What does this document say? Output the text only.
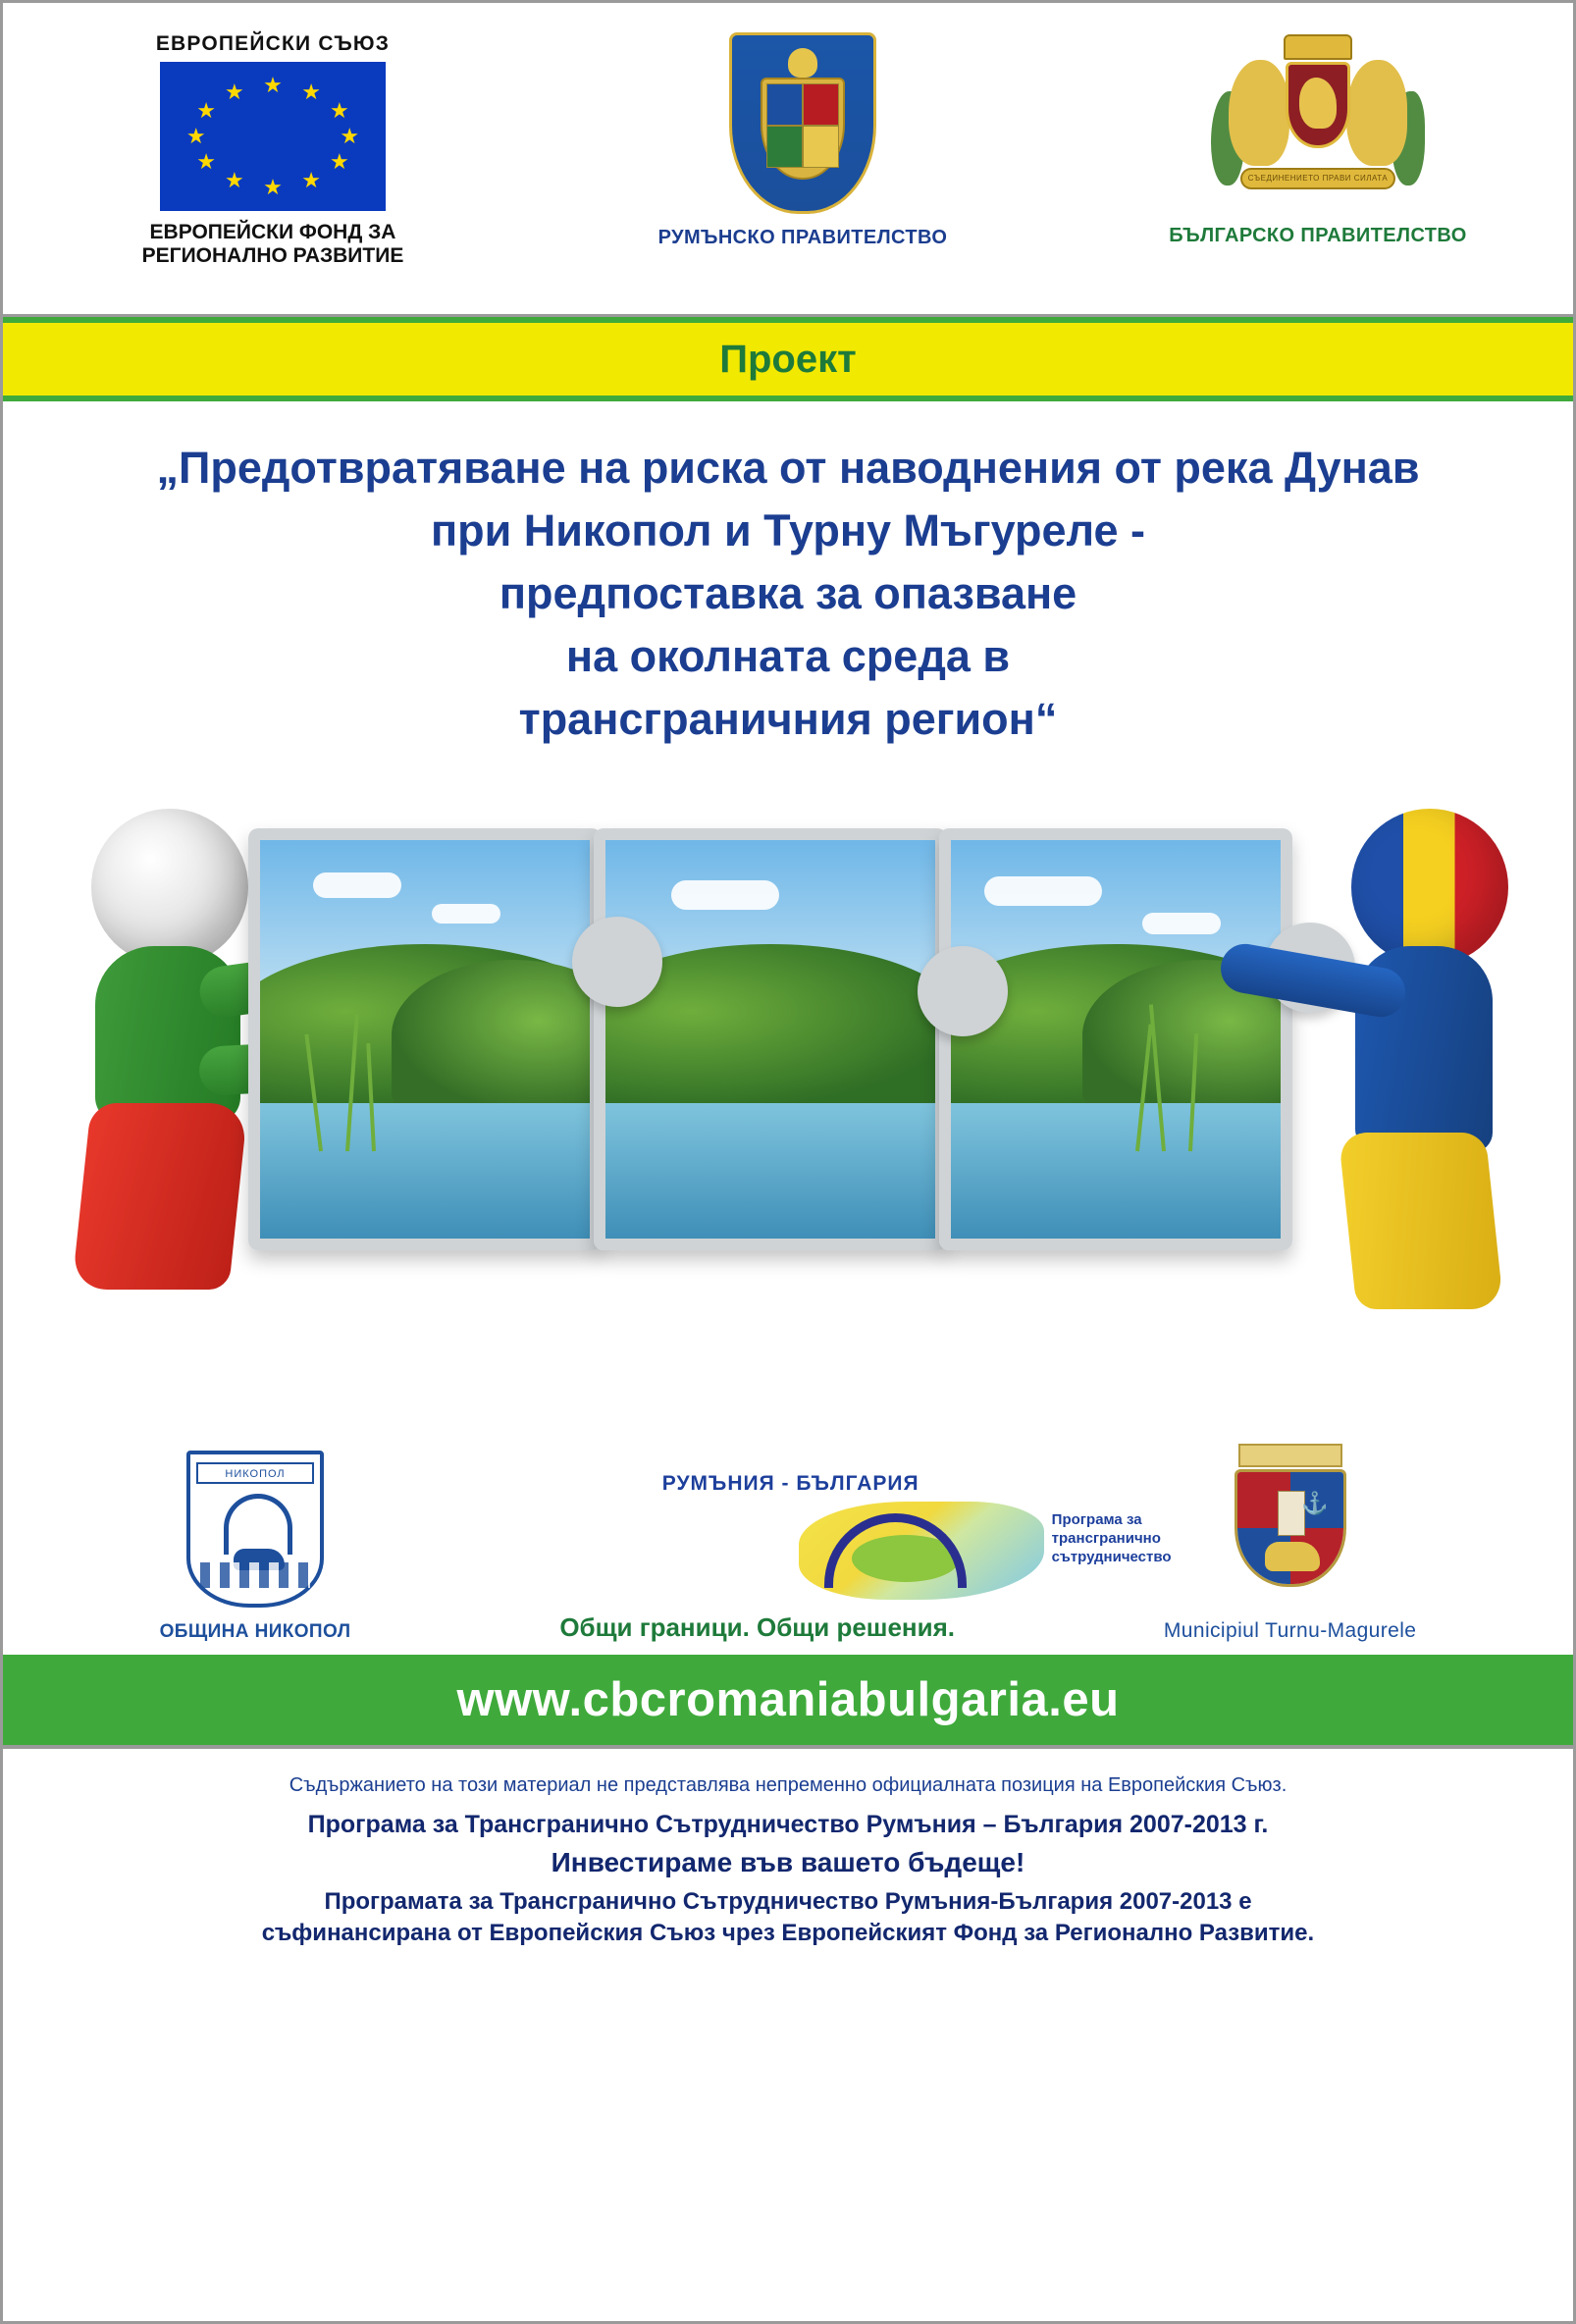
ЕВРОПЕЙСКИ СЪЮЗ
★ ★
★
★
★
★
★
★
★
★
★
★
ЕВРОПЕЙСКИ ФОНД ЗА
РЕГИОНАЛНО РАЗВИТИЕ
РУМЪНСКО ПРАВИТЕЛСТВО
СЪЕДИНЕНИЕТО ПРАВИ СИЛАТА
БЪЛГАРСКО ПРАВИТЕЛСТВО
Проект
„Предотвратяване на риска от наводнения от река Дунав
при Никопол и Турну Мъгуреле -
предпоставка за опазване
на околната среда в
трансграничния регион“
НИКОПОЛ
ОБЩИНА НИКОПОЛ
РУМЪНИЯ - БЪЛГАРИЯ
Програма за
трансгранично
сътрудничество
Общи граници. Общи решения.
⚓
Municipiul Turnu-Magurele
www.cbcromaniabulgaria.eu
Съдържанието на този материал не представлява непременно официалната позиция на Европейския Съюз.
Програма за Трансгранично Сътрудничество Румъния – България 2007-2013 г.
Инвестираме във вашето бъдеще!
Програмата за Трансгранично Сътрудничество Румъния-България 2007-2013 е
съфинансирана от Европейския Съюз чрез Европейският Фонд за Регионално Развитие.
